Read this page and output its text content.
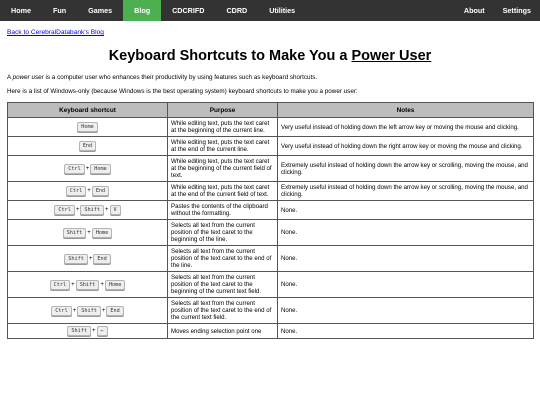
Home	Fun	Games	Blog	CDCRIFD	CDRD	Utilities	About	Settings
Back to CerebralDatabank's Blog
Keyboard Shortcuts to Make You a Power User

A power user is a computer user who enhances their productivity by using features such as keyboard shortcuts.

Here is a list of Windows-only (because Windows is the best operating system) keyboard shortcuts to make you a power user:

Keyboard shortcut	Purpose	Notes
Home	While editing text, puts the text caret at the beginning of the current line.	Very useful instead of holding down the left arrow key or moving the mouse and clicking.
End	While editing text, puts the text caret at the end of the current line.	Very useful instead of holding down the right arrow key or moving the mouse and clicking.
Ctrl + Home	While editing text, puts the text caret at the beginning of the current field of text.	Extremely useful instead of holding down the arrow key or scrolling, moving the mouse, and clicking.
Ctrl + End	While editing text, puts the text caret at the end of the current field of text.	Extremely useful instead of holding down the arrow key or scrolling, moving the mouse, and clicking.
Ctrl + Shift + V	Pastes the contents of the clipboard without the formatting.	None.
Shift + Home	Selects all text from the current position of the text caret to the beginning of the line.	None.
Shift + End	Selects all text from the current position of the text caret to the end of the line.	None.
Ctrl + Shift + Home	Selects all text from the current position of the text caret to the beginning of the current text field.	None.
Ctrl + Shift + End	Selects all text from the current position of the text caret to the end of the current text field.	None.
Shift + ←	Moves ending selection point one	None.
